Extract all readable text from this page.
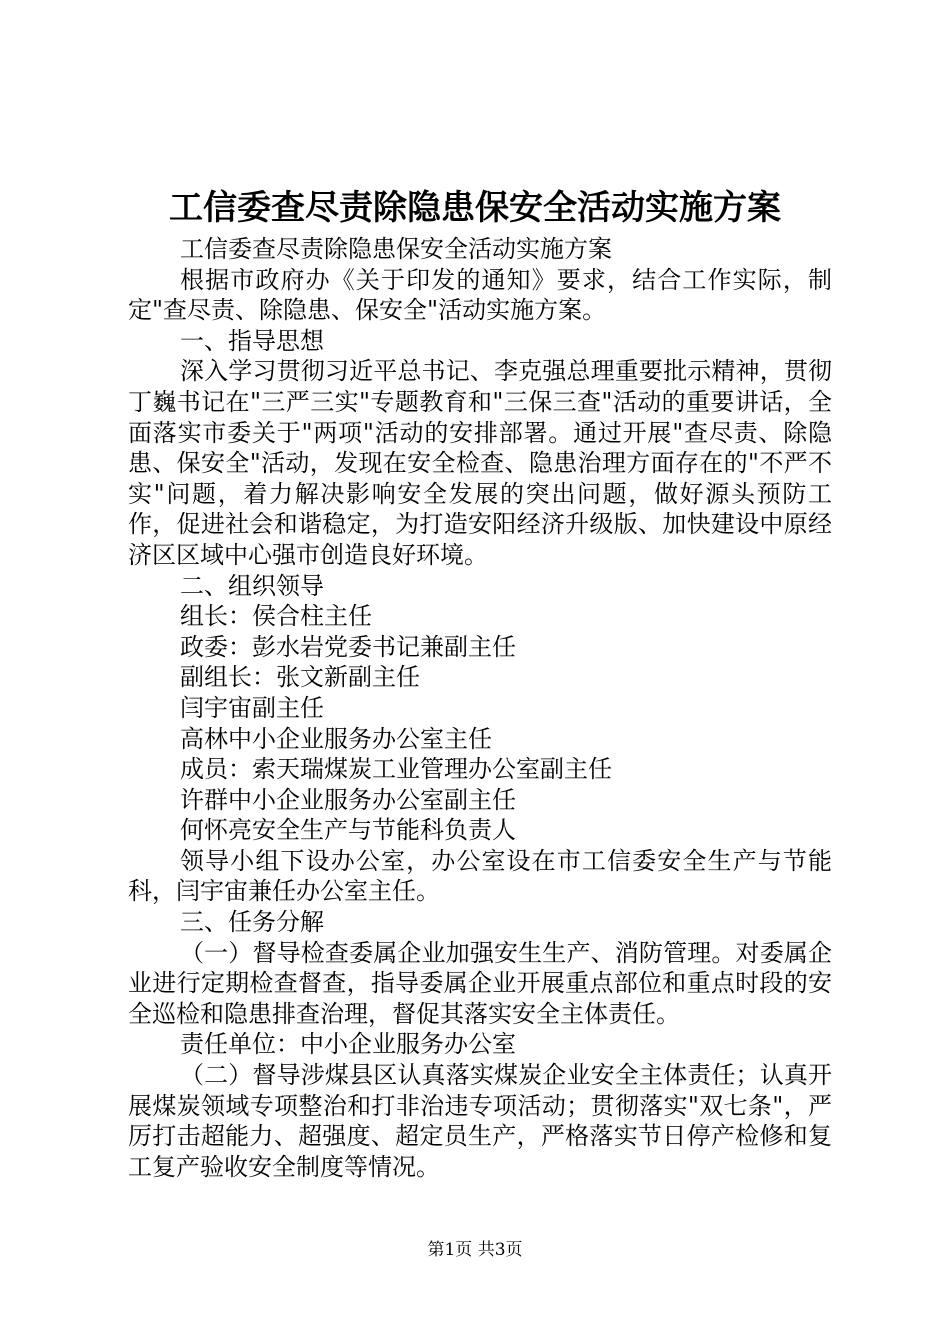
工信委查尽责除隐患保安全活动实施方案

工信委查尽责除隐患保安全活动实施方案

根据市政府办《关于印发的通知》要求，结合工作实际，制定"查尽责、除隐患、保安全"活动实施方案。

一、指导思想

深入学习贯彻习近平总书记、李克强总理重要批示精神，贯彻丁巍书记在"三严三实"专题教育和"三保三查"活动的重要讲话，全面落实市委关于"两项"活动的安排部署。通过开展"查尽责、除隐患、保安全"活动，发现在安全检查、隐患治理方面存在的"不严不实"问题，着力解决影响安全发展的突出问题，做好源头预防工作，促进社会和谐稳定，为打造安阳经济升级版、加快建设中原经济区区域中心强市创造良好环境。

二、组织领导

组长：侯合柱主任

政委：彭水岩党委书记兼副主任

副组长：张文新副主任

闫宇宙副主任

高林中小企业服务办公室主任

成员：索天瑞煤炭工业管理办公室副主任

许群中小企业服务办公室副主任

何怀亮安全生产与节能科负责人

领导小组下设办公室，办公室设在市工信委安全生产与节能科，闫宇宙兼任办公室主任。

三、任务分解

（一）督导检查委属企业加强安生生产、消防管理。对委属企业进行定期检查督查，指导委属企业开展重点部位和重点时段的安全巡检和隐患排查治理，督促其落实安全主体责任。

责任单位：中小企业服务办公室

（二）督导涉煤县区认真落实煤炭企业安全主体责任；认真开展煤炭领域专项整治和打非治违专项活动；贯彻落实"双七条"，严厉打击超能力、超强度、超定员生产，严格落实节日停产检修和复工复产验收安全制度等情况。

第1页 共3页
